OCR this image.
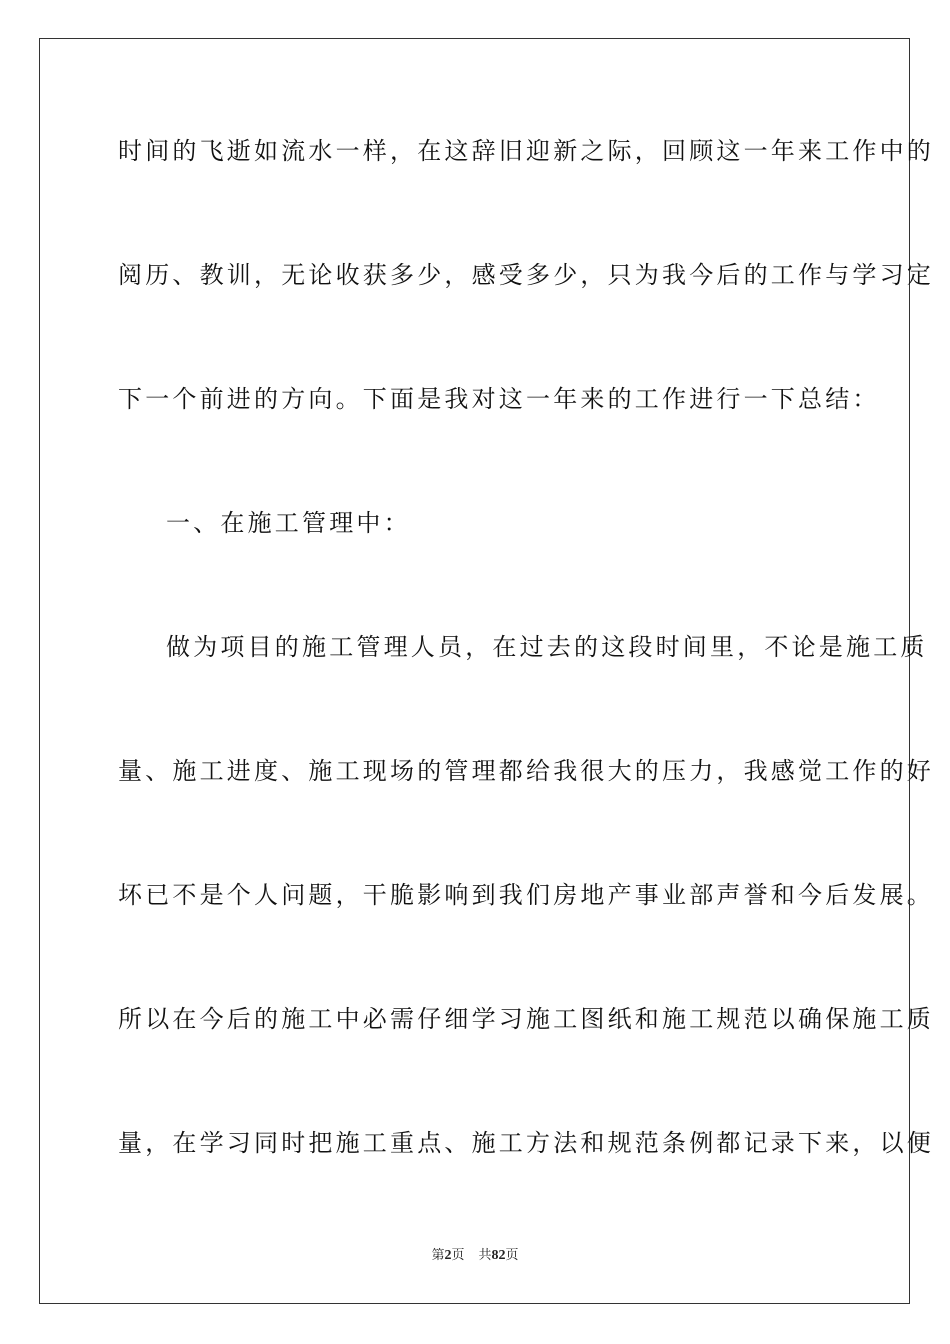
时间的飞逝如流水一样，在这辞旧迎新之际，回顾这一年来工作中的
阅历、教训，无论收获多少，感受多少，只为我今后的工作与学习定
下一个前进的方向。下面是我对这一年来的工作进行一下总结：
一、在施工管理中：
做为项目的施工管理人员，在过去的这段时间里，不论是施工质
量、施工进度、施工现场的管理都给我很大的压力，我感觉工作的好
坏已不是个人问题，干脆影响到我们房地产事业部声誉和今后发展。
所以在今后的施工中必需仔细学习施工图纸和施工规范以确保施工质
量，在学习同时把施工重点、施工方法和规范条例都记录下来，以便
第2页 共82页
